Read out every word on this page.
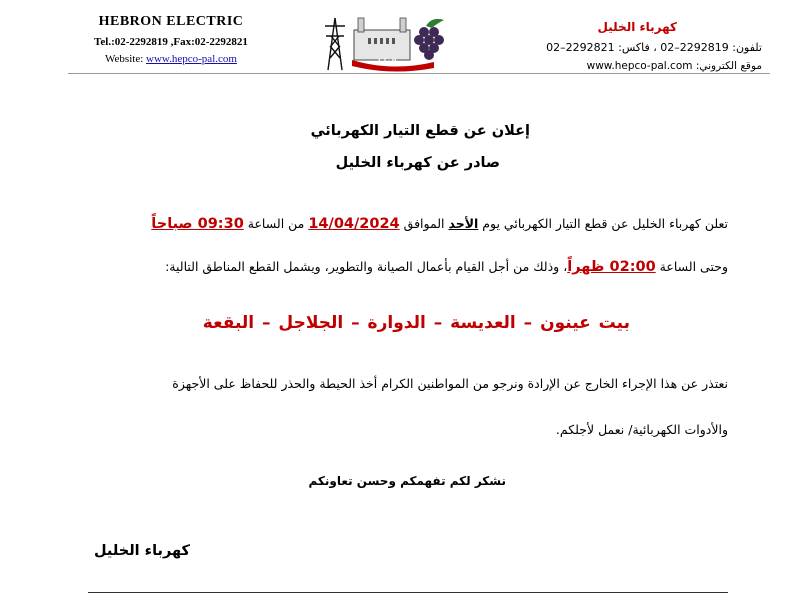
HEBRON ELECTRIC
Tel.:02-2292819 ,Fax:02-2292821
Website: www.hepco-pal.com	بلدية الخليل
كهرباء الخليل
تلفون: 2292819–02 ، فاكس: 2292821–02
موقع الكتروني: www.hepco-pal.com
إعلان عن قطع التيار الكهربائي
صادر عن كهرباء الخليل
تعلن كهرباء الخليل عن قطع التيار الكهربائي يوم الأحد الموافق 14/04/2024 من الساعة 09:30 صباحاً
وحتى الساعة 02:00 ظهراً، وذلك من أجل القيام بأعمال الصيانة والتطوير، ويشمل القطع المناطق التالية:
بيت عينون – العديسة – الدوارة – الجلاجل – البقعة
نعتذر عن هذا الإجراء الخارج عن الإرادة ونرجو من المواطنين الكرام أخذ الحيطة والحذر للحفاظ على الأجهزة
والأدوات الكهربائية/ نعمل لأجلكم.
نشكر لكم تفهمكم وحسن تعاونكم
كهرباء الخليل
